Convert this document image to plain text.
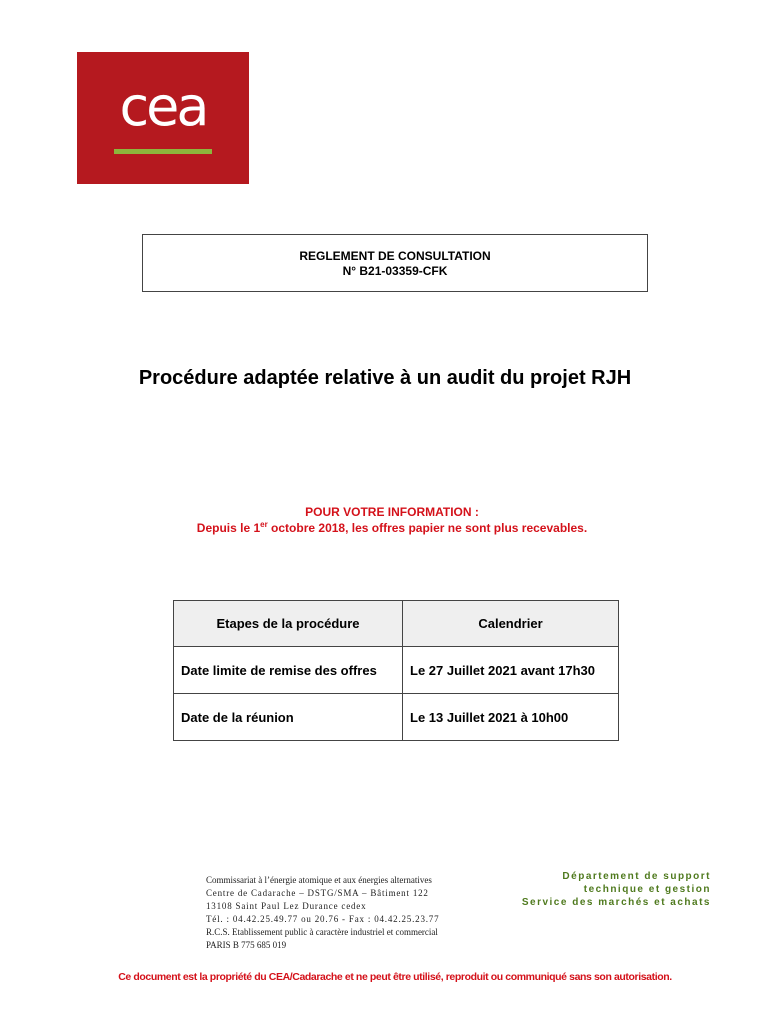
cea
REGLEMENT DE CONSULTATION
N° B21-03359-CFK
Procédure adaptée relative à un audit du projet RJH
POUR VOTRE INFORMATION :
Depuis le 1er octobre 2018, les offres papier ne sont plus recevables.
Etapes de la procédure	Calendrier
Date limite de remise des offres	Le 27 Juillet 2021 avant 17h30
Date de la réunion	Le 13 Juillet 2021 à 10h00
Commissariat à l’énergie atomique et aux énergies alternatives
Centre de Cadarache – DSTG/SMA – Bâtiment 122
13108 Saint Paul Lez Durance cedex
Tél. : 04.42.25.49.77 ou 20.76 - Fax : 04.42.25.23.77
R.C.S. Etablissement public à caractère industriel et commercial
PARIS B 775 685 019
Département de support
technique et gestion
Service des marchés et achats
Ce document est la propriété du CEA/Cadarache et ne peut être utilisé, reproduit ou communiqué sans son autorisation.
